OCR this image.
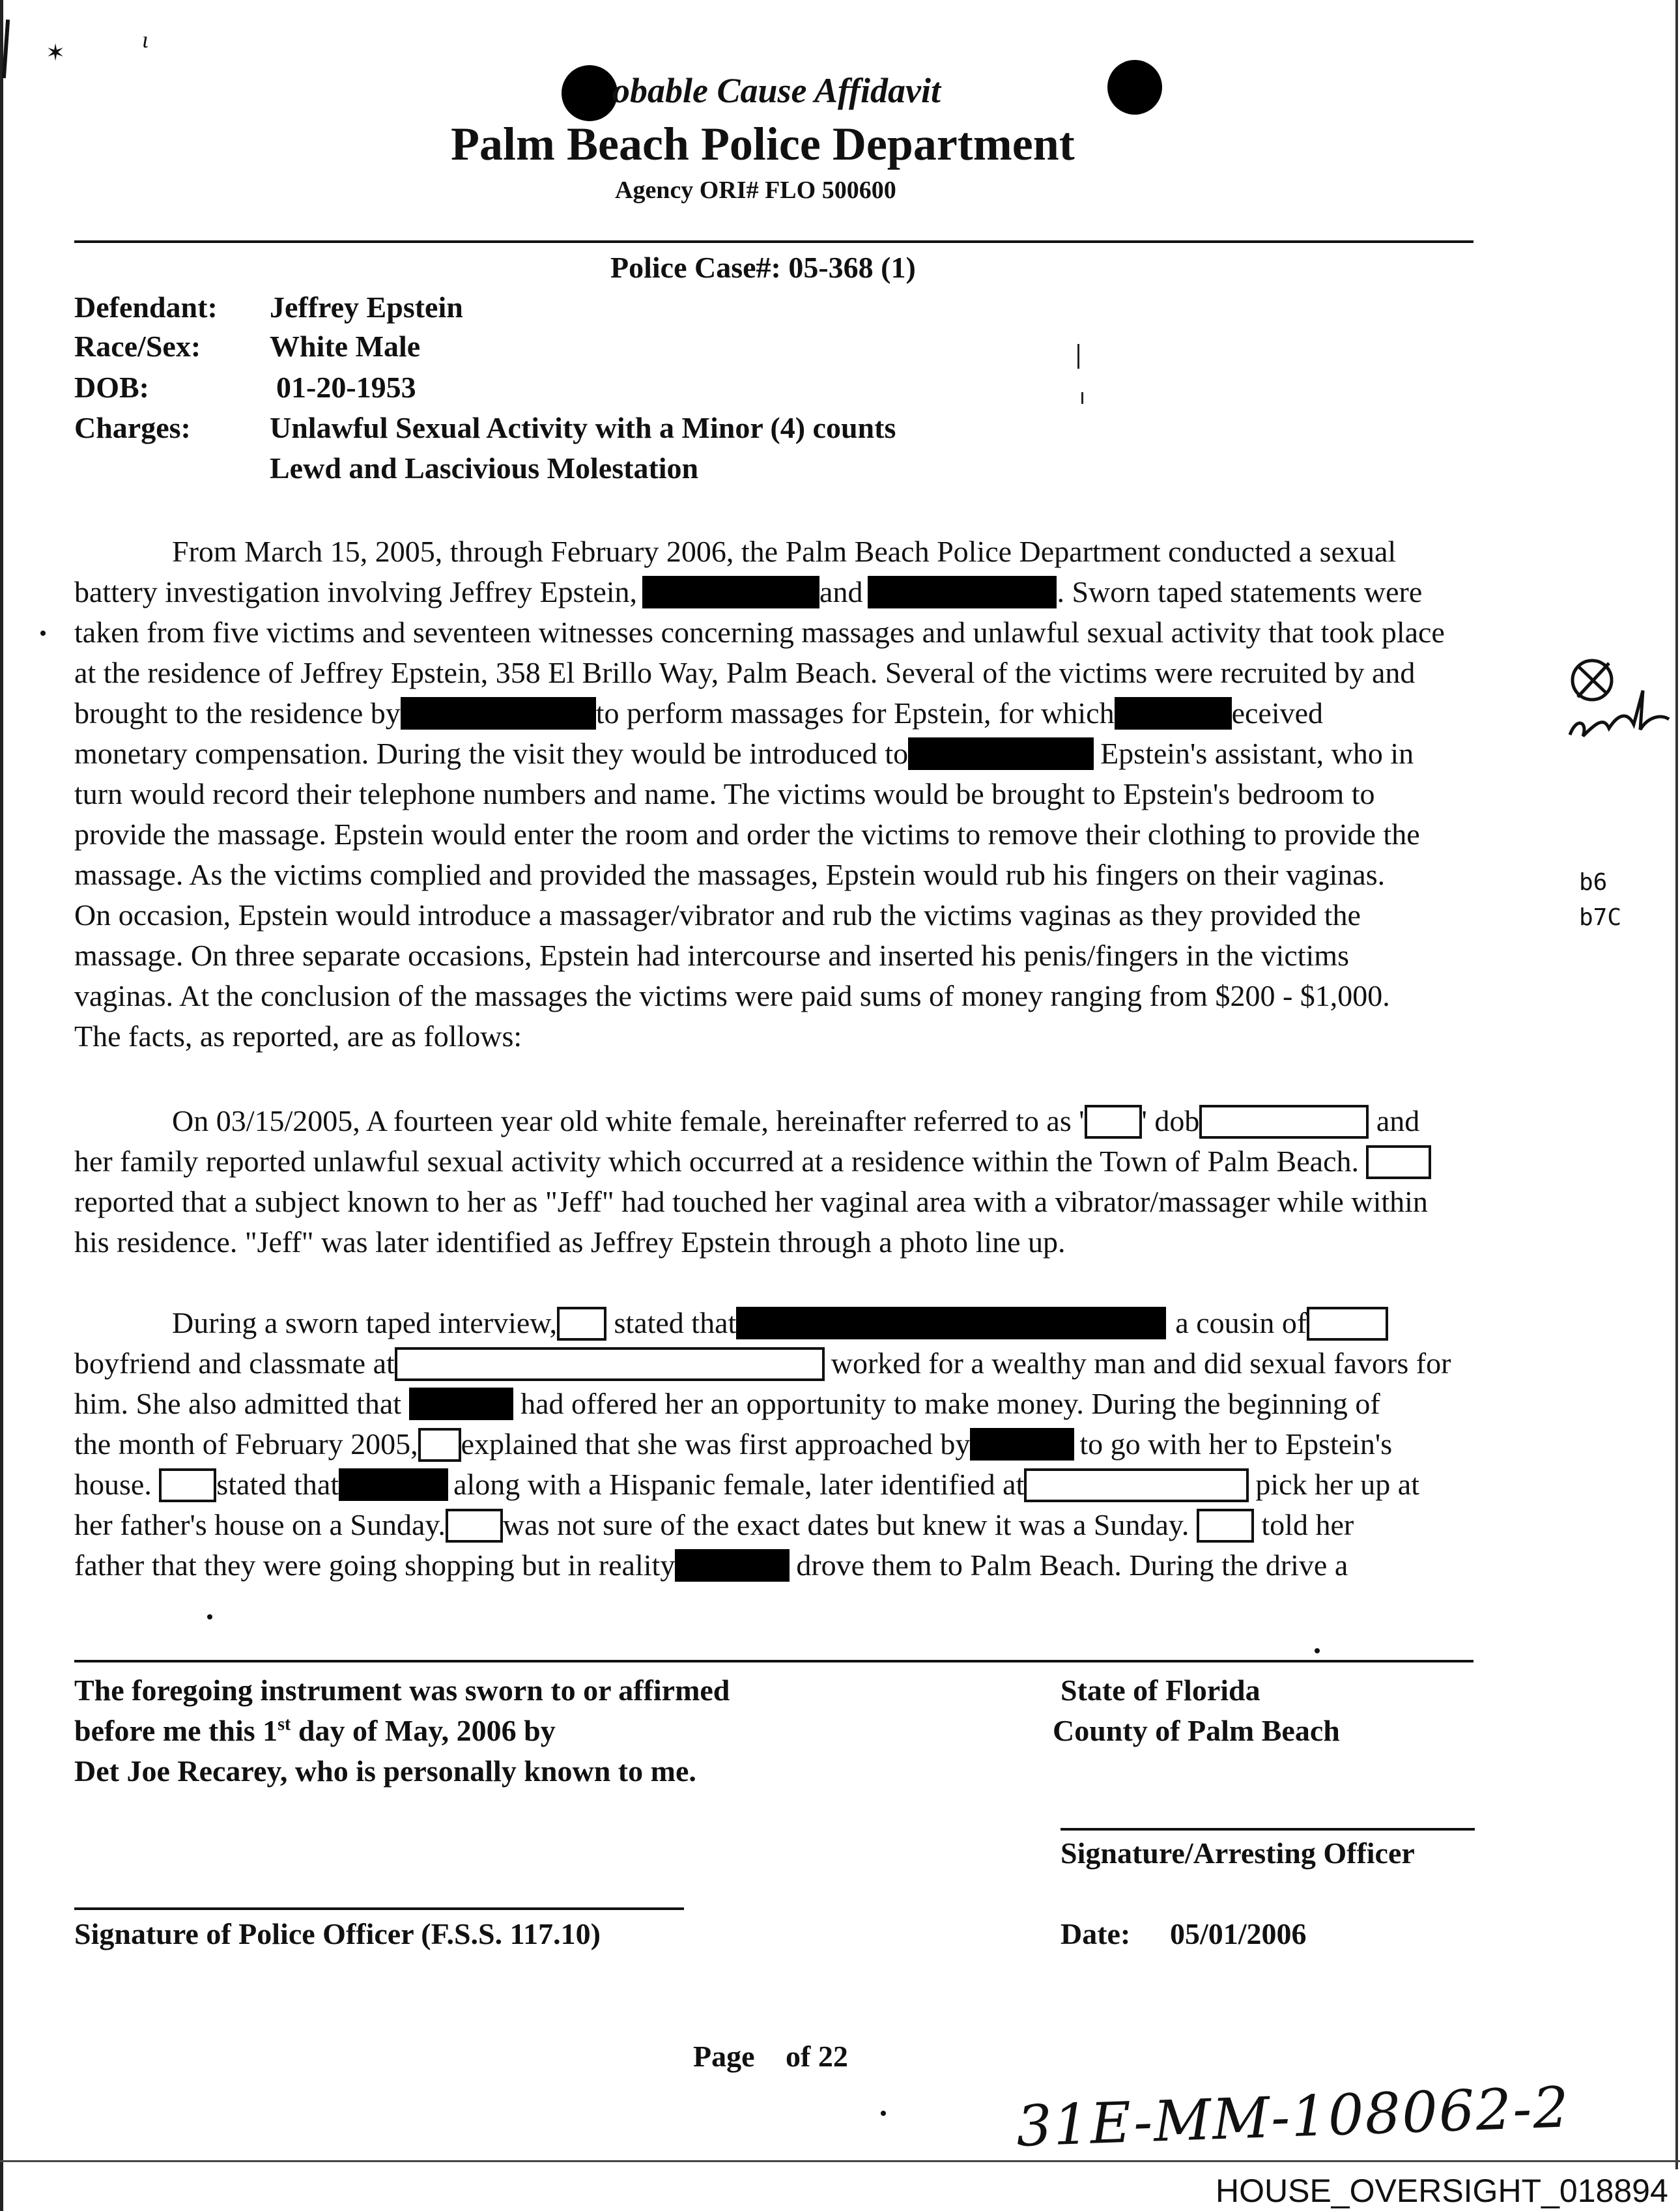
✶	ɩ
obable Cause Affidavit
Palm Beach Police Department
Agency ORI# FLO 500600
Police Case#: 05-368 (1)
Defendant: Jeffrey Epstein
Race/Sex: White Male
DOB:	01-20-1953
Charges:	Unlawful Sexual Activity with a Minor (4) counts
Lewd and Lascivious Molestation
From March 15, 2005, through February 2006, the Palm Beach Police Department conducted a sexual
battery investigation involving Jeffrey Epstein,	and	. Sworn taped statements were
taken from five victims and seventeen witnesses concerning massages and unlawful sexual activity that took place
at the residence of Jeffrey Epstein, 358 El Brillo Way, Palm Beach. Several of the victims were recruited by and
brought to the residence by	to perform massages for Epstein, for which	eceived
monetary compensation. During the visit they would be introduced to	Epstein's assistant, who in
turn would record their telephone numbers and name. The victims would be brought to Epstein's bedroom to
provide the massage. Epstein would enter the room and order the victims to remove their clothing to provide the
massage. As the victims complied and provided the massages, Epstein would rub his fingers on their vaginas.
On occasion, Epstein would introduce a massager/vibrator and rub the victims vaginas as they provided the
massage. On three separate occasions, Epstein had intercourse and inserted his penis/fingers in the victims
vaginas. At the conclusion of the massages the victims were paid sums of money ranging from $200 - $1,000.
The facts, as reported, are as follows:
b6
b7C
On 03/15/2005, A fourteen year old white female, hereinafter referred to as ' ' dob	and
her family reported unlawful sexual activity which occurred at a residence within the Town of Palm Beach.
reported that a subject known to her as "Jeff" had touched her vaginal area with a vibrator/massager while within
his residence. "Jeff" was later identified as Jeffrey Epstein through a photo line up.
During a sworn taped interview, stated that	a cousin of
boyfriend and classmate at	worked for a wealthy man and did sexual favors for
him. She also admitted that	had offered her an opportunity to make money. During the beginning of
the month of February 2005, explained that she was first approached by	to go with her to Epstein's
house. stated that	along with a Hispanic female, later identified at	pick her up at
her father's house on a Sunday. was not sure of the exact dates but knew it was a Sunday. told her
father that they were going shopping but in reality	drove them to Palm Beach. During the drive a
The foregoing instrument was sworn to or affirmed
before me this 1st day of May, 2006 by
Det Joe Recarey, who is personally known to me.
State of Florida
County of Palm Beach
Signature/Arresting Officer
Signature of Police Officer (F.S.S. 117.10)	Date: 05/01/2006
Page of 22
31E-MM-108062-2
HOUSE_OVERSIGHT_018894
